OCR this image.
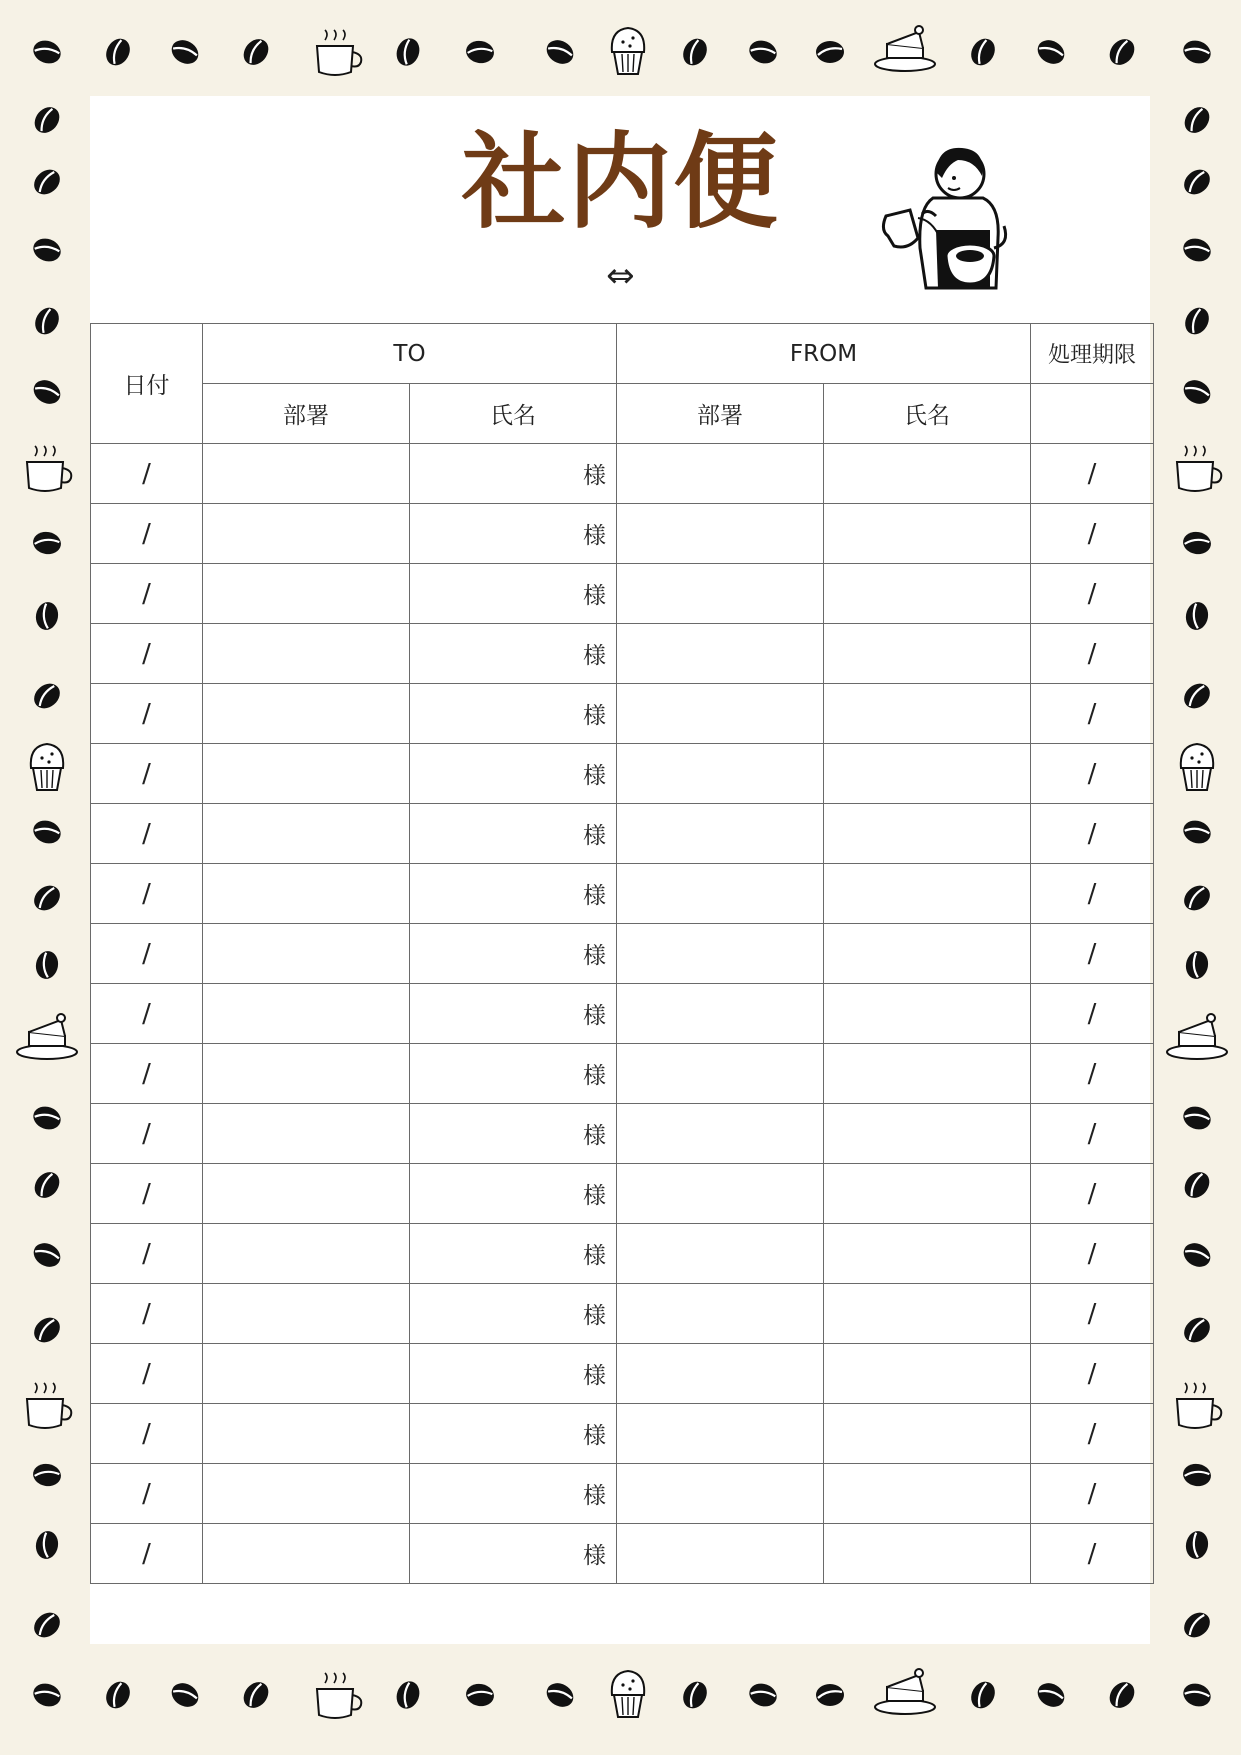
社内便
⇔
日付	TO		FROM		処理期限
	部署	氏名	部署	氏名	
/		様			/
/		様			/
/		様			/
/		様			/
/		様			/
/		様			/
/		様			/
/		様			/
/		様			/
/		様			/
/		様			/
/		様			/
/		様			/
/		様			/
/		様			/
/		様			/
/		様			/
/		様			/
/		様			/
